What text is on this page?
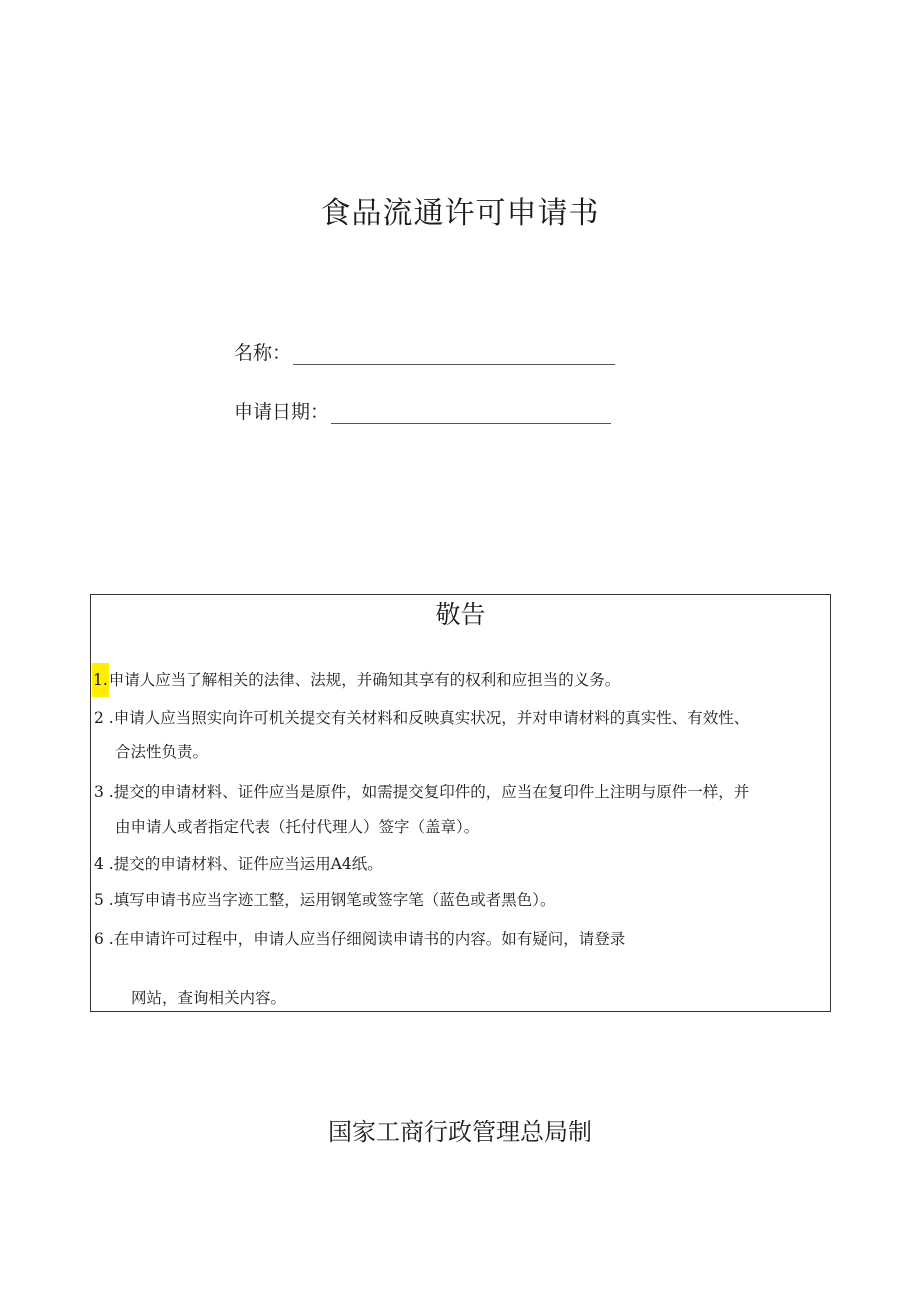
食品流通许可申请书
名称：
申请日期：
敬告
1.申请人应当了解相关的法律、法规，并确知其享有的权利和应担当的义务。
2 .申请人应当照实向许可机关提交有关材料和反映真实状况，并对申请材料的真实性、有效性、
合法性负责。
3 .提交的申请材料、证件应当是原件，如需提交复印件的，应当在复印件上注明与原件一样，并
由申请人或者指定代表（托付代理人）签字（盖章）。
4 .提交的申请材料、证件应当运用A4纸。
5 .填写申请书应当字迹工整，运用钢笔或签字笔（蓝色或者黑色）。
6 .在申请许可过程中，申请人应当仔细阅读申请书的内容。如有疑问，请登录
网站，查询相关内容。
国家工商行政管理总局制
